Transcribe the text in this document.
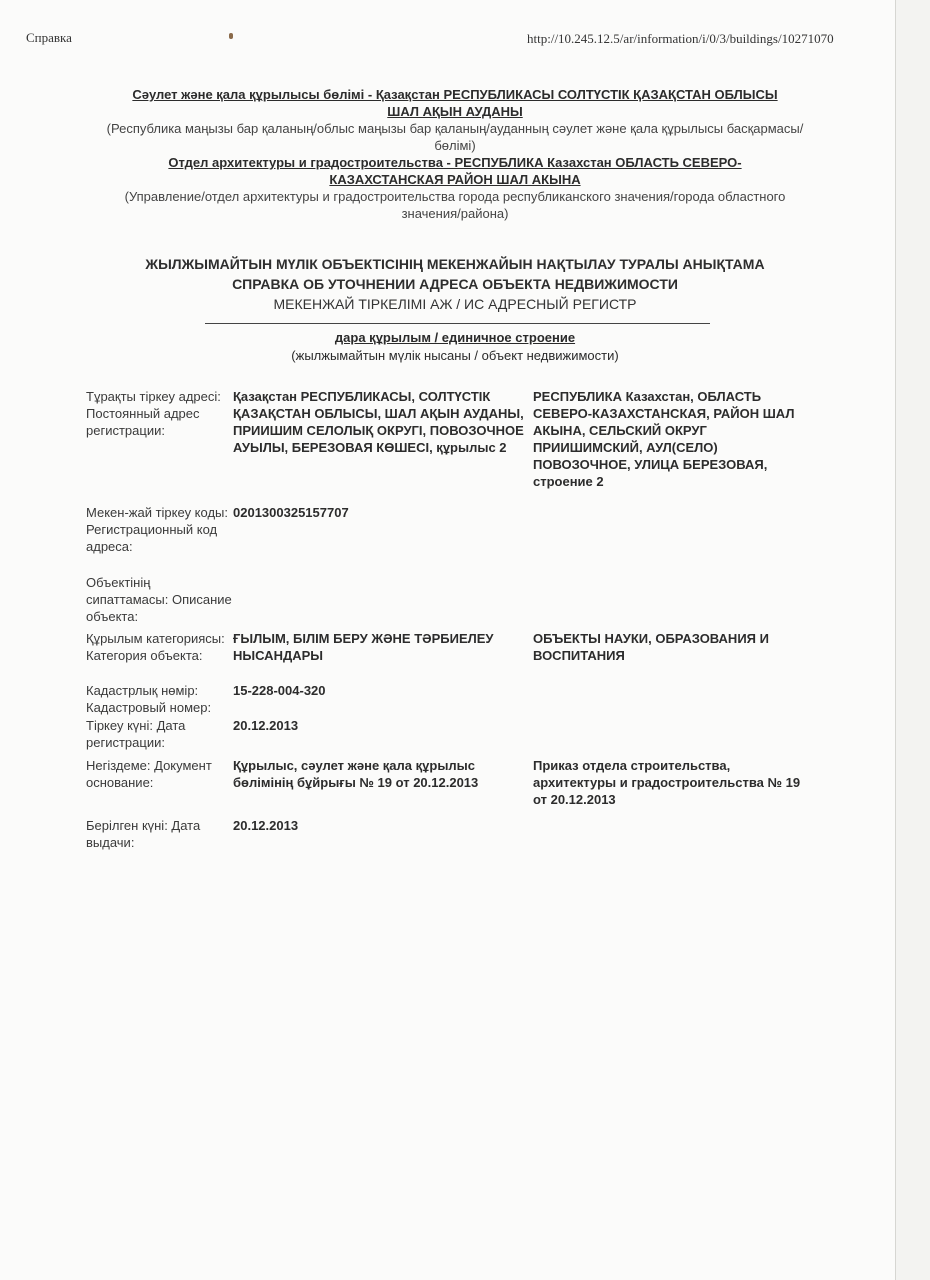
Справка	http://10.245.12.5/ar/information/i/0/3/buildings/10271070
Сәулет және қала құрылысы бөлімі - Қазақстан РЕСПУБЛИКАСЫ СОЛТҮСТІК ҚАЗАҚСТАН ОБЛЫСЫ
ШАЛ АҚЫН АУДАНЫ
(Республика маңызы бар қаланың/облыс маңызы бар қаланың/ауданның сәулет және қала құрылысы басқармасы/бөлімі)
Отдел архитектуры и градостроительства - РЕСПУБЛИКА Казахстан ОБЛАСТЬ СЕВЕРО-
КАЗАХСТАНСКАЯ РАЙОН ШАЛ АКЫНА
(Управление/отдел архитектуры и градостроительства города республиканского значения/города областного значения/района)
ЖЫЛЖЫМАЙТЫН МҮЛІК ОБЪЕКТІСІНІҢ МЕКЕНЖАЙЫН НАҚТЫЛАУ ТУРАЛЫ АНЫҚТАМА
СПРАВКА ОБ УТОЧНЕНИИ АДРЕСА ОБЪЕКТА НЕДВИЖИМОСТИ
МЕКЕНЖАЙ ТІРКЕЛІМІ АЖ / ИС АДРЕСНЫЙ РЕГИСТР
дара құрылым / единичное строение
(жылжымайтын мүлік нысаны / объект недвижимости)
Тұрақты тіркеу адресі: Постоянный адрес регистрации:
Қазақстан РЕСПУБЛИКАСЫ, СОЛТҮСТІК ҚАЗАҚСТАН ОБЛЫСЫ, ШАЛ АҚЫН АУДАНЫ, ПРИИШИМ СЕЛОЛЫҚ ОКРУГІ, ПОВОЗОЧНОЕ АУЫЛЫ, БЕРЕЗОВАЯ КӨШЕСІ, құрылыс 2
РЕСПУБЛИКА Казахстан, ОБЛАСТЬ СЕВЕРО-КАЗАХСТАНСКАЯ, РАЙОН ШАЛ АКЫНА, СЕЛЬСКИЙ ОКРУГ ПРИИШИМСКИЙ, АУЛ(СЕЛО) ПОВОЗОЧНОЕ, УЛИЦА БЕРЕЗОВАЯ, строение 2
Мекен-жай тіркеу коды: Регистрационный код адреса:
0201300325157707
Объектінің сипаттамасы: Описание объекта:
Құрылым категориясы: Категория объекта:
ҒЫЛЫМ, БІЛІМ БЕРУ ЖӘНЕ ТӘРБИЕЛЕУ НЫСАНДАРЫ
ОБЪЕКТЫ НАУКИ, ОБРАЗОВАНИЯ И ВОСПИТАНИЯ
Кадастрлық нөмір: Кадастровый номер:
15-228-004-320
Тіркеу күні: Дата регистрации:
20.12.2013
Негіздеме: Документ основание:
Құрылыс, сәулет және қала құрылыс бөлімінің бұйрығы № 19 от 20.12.2013
Приказ отдела строительства, архитектуры и градостроительства № 19 от 20.12.2013
Берілген күні: Дата выдачи:
20.12.2013
